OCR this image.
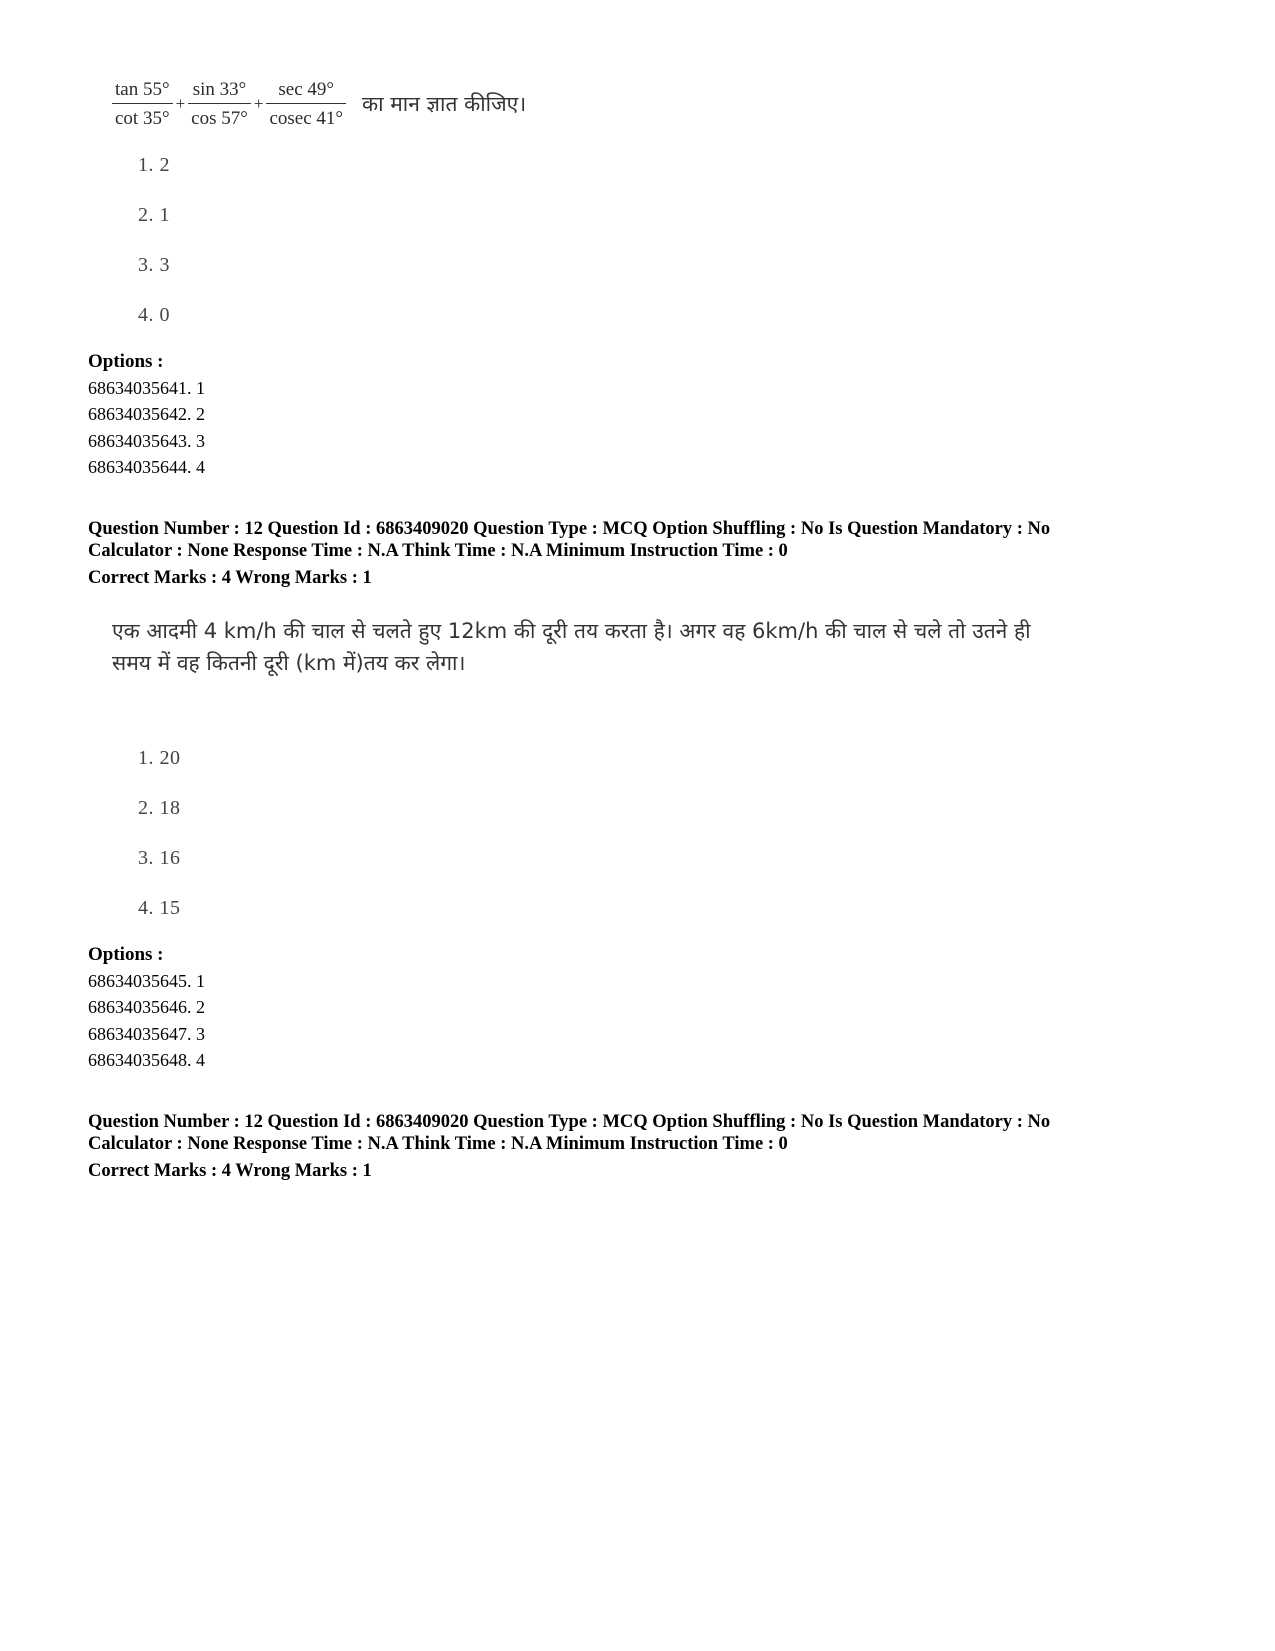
$\frac{\tan 55^\circ}{\cot 35^\circ} + \frac{\sin 33^\circ}{\cos 57^\circ} + \frac{\sec 49^\circ}{cosec 41^\circ}$ का मान ज्ञात कीजिए।
1. 2
2. 1
3. 3
4. 0
Options :
68634035641. 1
68634035642. 2
68634035643. 3
68634035644. 4
Question Number : 12 Question Id : 6863409020 Question Type : MCQ Option Shuffling : No Is Question Mandatory : No
Calculator : None Response Time : N.A Think Time : N.A Minimum Instruction Time : 0
Correct Marks : 4 Wrong Marks : 1
एक आदमी 4 km/h की चाल से चलते हुए 12km की दूरी तय करता है। अगर वह 6km/h की चाल से चले तो उतने ही
समय में वह कितनी दूरी (km में)तय कर लेगा।
1. 20
2. 18
3. 16
4. 15
Options :
68634035645. 1
68634035646. 2
68634035647. 3
68634035648. 4
Question Number : 12 Question Id : 6863409020 Question Type : MCQ Option Shuffling : No Is Question Mandatory : No
Calculator : None Response Time : N.A Think Time : N.A Minimum Instruction Time : 0
Correct Marks : 4 Wrong Marks : 1
